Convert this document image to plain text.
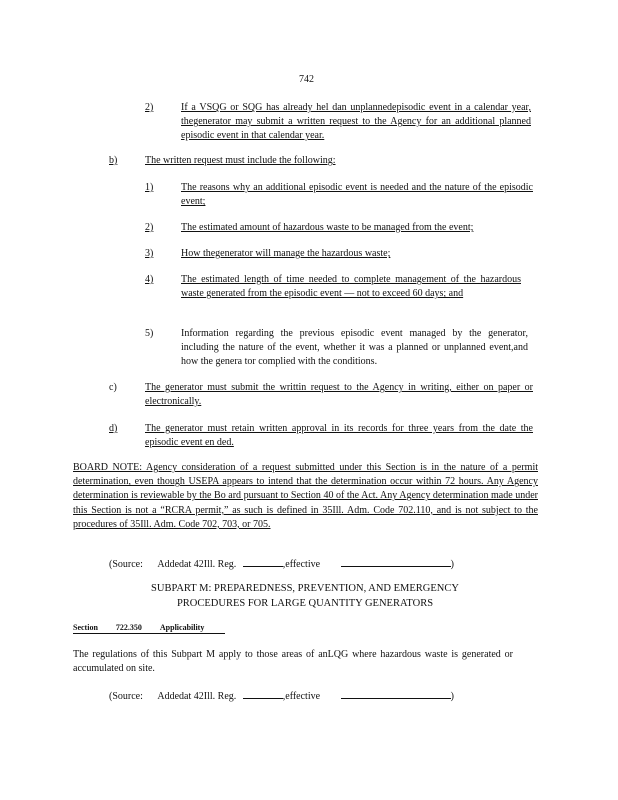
742
2)	If a VSQG or SQG has already hel dan unplannedepisodic event in a calendar year, thegenerator may submit a written request to the Agency for an additional planned episodic event in that calendar year.
b)	The written request must include the following:
1)	The reasons why an additional episodic event is needed and the nature of the episodic event;
2)	The estimated amount of hazardous waste to be managed from the event;
3)	How thegenerator will manage the hazardous waste;
4)	The estimated length of time needed to complete management of the hazardous waste generated from the episodic event — not to exceed 60 days; and
5)	Information regarding the previous episodic event managed by the generator, including the nature of the event, whether it was a planned or unplanned event,and how the genera tor complied with the conditions.
c)	The generator must submit the writtin request to the Agency in writing, either on paper or electronically.
d)	The generator must retain written approval in its records for three years from the date the episodic event en ded.
BOARD NOTE: Agency consideration of a request submitted under this Section is in the nature of a permit determination, even though USEPA appears to intend that the determination occur within 72 hours. Any Agency determination is reviewable by the Bo ard pursuant to Section 40 of the Act. Any Agency determination made under this Section is not a “RCRA permit,” as such is defined in 35Ill. Adm. Code 702.110, and is not subject to the procedures of 35Ill. Adm. Code 702, 703, or 705.
(Source: Addedat 42Ill. Reg.	,effective	)
SUBPART M: PREPAREDNESS, PREVENTION, AND EMERGENCY
PROCEDURES FOR LARGE QUANTITY GENERATORS
Section 722.350 Applicability
The regulations of this Subpart M apply to those areas of anLQG where hazardous waste is generated or accumulated on site.
(Source: Addedat 42Ill. Reg.	,effective	)
